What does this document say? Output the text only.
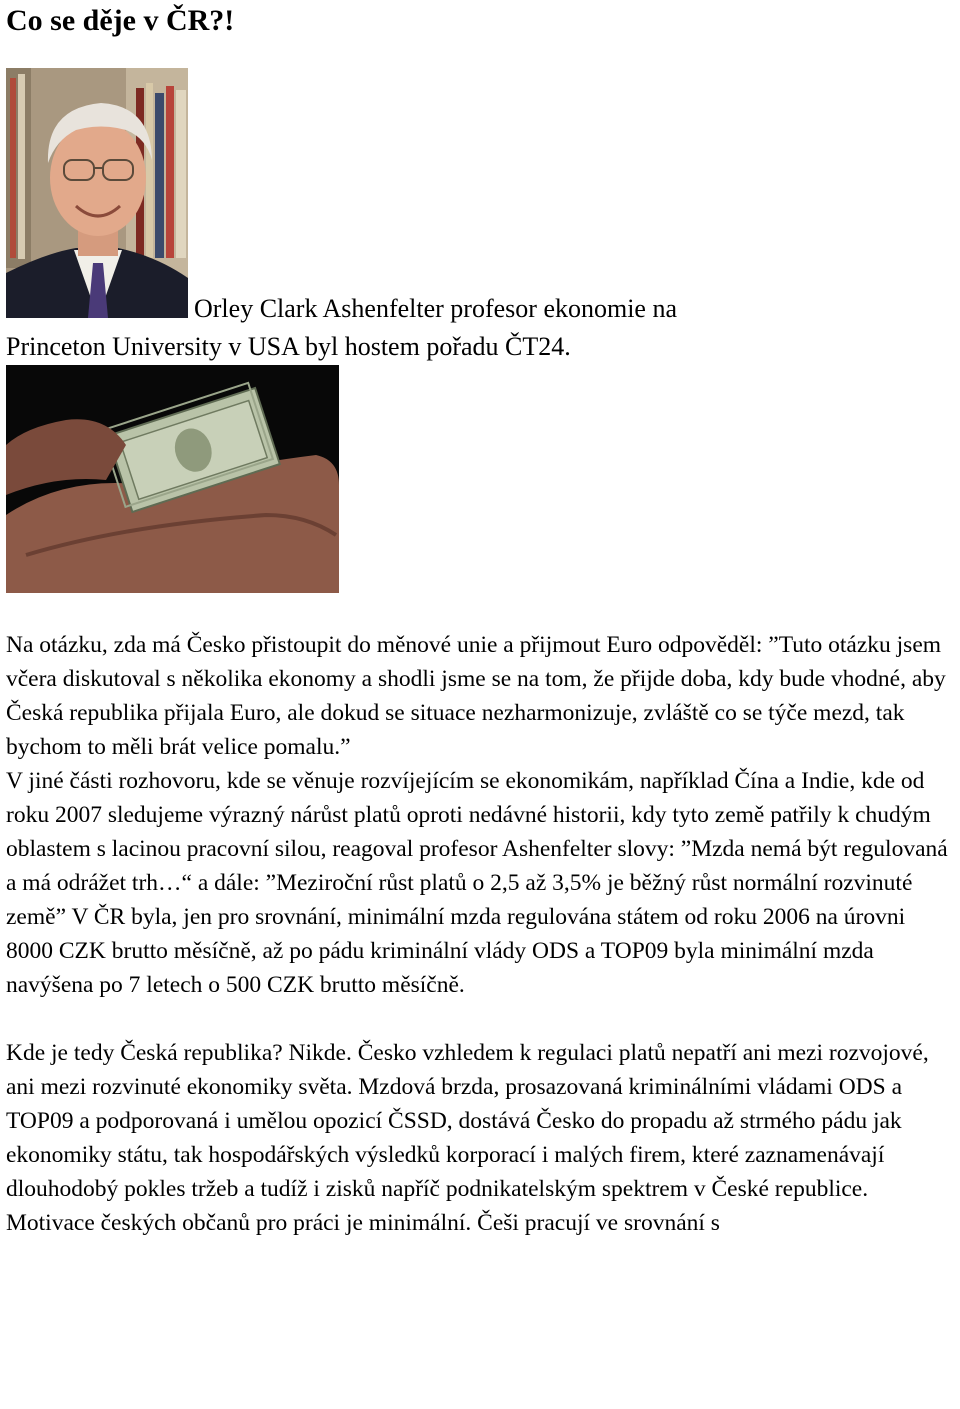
Co se děje v ČR?!
Orley Clark Ashenfelter profesor ekonomie na
Princeton University v USA byl hostem pořadu ČT24.

Na otázku, zda má Česko přistoupit do měnové unie a přijmout Euro odpověděl: ”Tuto otázku jsem včera diskutoval s několika ekonomy a shodli jsme se na tom, že přijde doba, kdy bude vhodné, aby Česká republika přijala Euro, ale dokud se situace nezharmonizuje, zvláště co se týče mezd, tak bychom to měli brát velice pomalu.”

V jiné části rozhovoru, kde se věnuje rozvíjejícím se ekonomikám, například Čína a Indie, kde od roku 2007 sledujeme výrazný nárůst platů oproti nedávné historii, kdy tyto země patřily k chudým oblastem s lacinou pracovní silou, reagoval profesor Ashenfelter slovy: ”Mzda nemá být regulovaná a má odrážet trh…“ a dále: ”Meziroční růst platů o 2,5 až 3,5% je běžný růst normální rozvinuté země” V ČR byla, jen pro srovnání, minimální mzda regulována státem od roku 2006 na úrovni 8000 CZK brutto měsíčně, až po pádu kriminální vlády ODS a TOP09 byla minimální mzda navýšena po 7 letech o 500 CZK brutto měsíčně.

Kde je tedy Česká republika? Nikde. Česko vzhledem k regulaci platů nepatří ani mezi rozvojové, ani mezi rozvinuté ekonomiky světa. Mzdová brzda, prosazovaná kriminálními vládami ODS a TOP09 a podporovaná i umělou opozicí ČSSD, dostává Česko do propadu až strmého pádu jak ekonomiky státu, tak hospodářských výsledků korporací i malých firem, které zaznamenávají dlouhodobý pokles tržeb a tudíž i zisků napříč podnikatelským spektrem v České republice.

Motivace českých občanů pro práci je minimální. Češi pracují ve srovnání s
